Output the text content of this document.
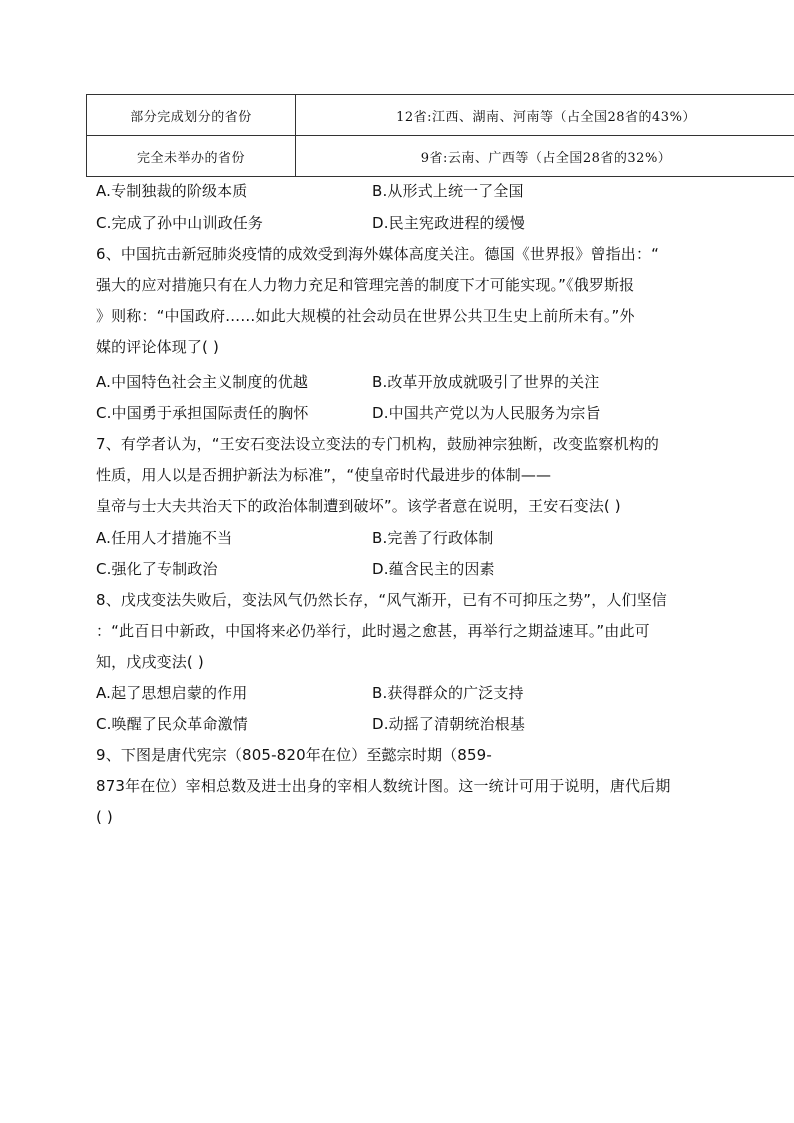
部分完成划分的省份	12省:江西、湖南、河南等（占全国28省的43%）
完全未举办的省份	9省:云南、广西等（占全国28省的32%）
A.专制独裁的阶级本质	B.从形式上统一了全国
C.完成了孙中山训政任务	D.民主宪政进程的缓慢
6、中国抗击新冠肺炎疫情的成效受到海外媒体高度关注。德国《世界报》曾指出：“
强大的应对措施只有在人力物力充足和管理完善的制度下才可能实现。”《俄罗斯报
》则称：“中国政府……如此大规模的社会动员在世界公共卫生史上前所未有。”外
媒的评论体现了( )
A.中国特色社会主义制度的优越	B.改革开放成就吸引了世界的关注
C.中国勇于承担国际责任的胸怀	D.中国共产党以为人民服务为宗旨
7、有学者认为，“王安石变法设立变法的专门机构，鼓励神宗独断，改变监察机构的
性质，用人以是否拥护新法为标准”，“使皇帝时代最进步的体制——
皇帝与士大夫共治天下的政治体制遭到破坏”。该学者意在说明，王安石变法( )
A.任用人才措施不当	B.完善了行政体制
C.强化了专制政治	D.蕴含民主的因素
8、戊戌变法失败后，变法风气仍然长存，“风气渐开，已有不可抑压之势”，人们坚信
：“此百日中新政，中国将来必仍举行，此时遏之愈甚，再举行之期益速耳。”由此可
知，戊戌变法( )
A.起了思想启蒙的作用	B.获得群众的广泛支持
C.唤醒了民众革命激情	D.动摇了清朝统治根基
9、下图是唐代宪宗（805-820年在位）至懿宗时期（859-
873年在位）宰相总数及进士出身的宰相人数统计图。这一统计可用于说明，唐代后期
( )
